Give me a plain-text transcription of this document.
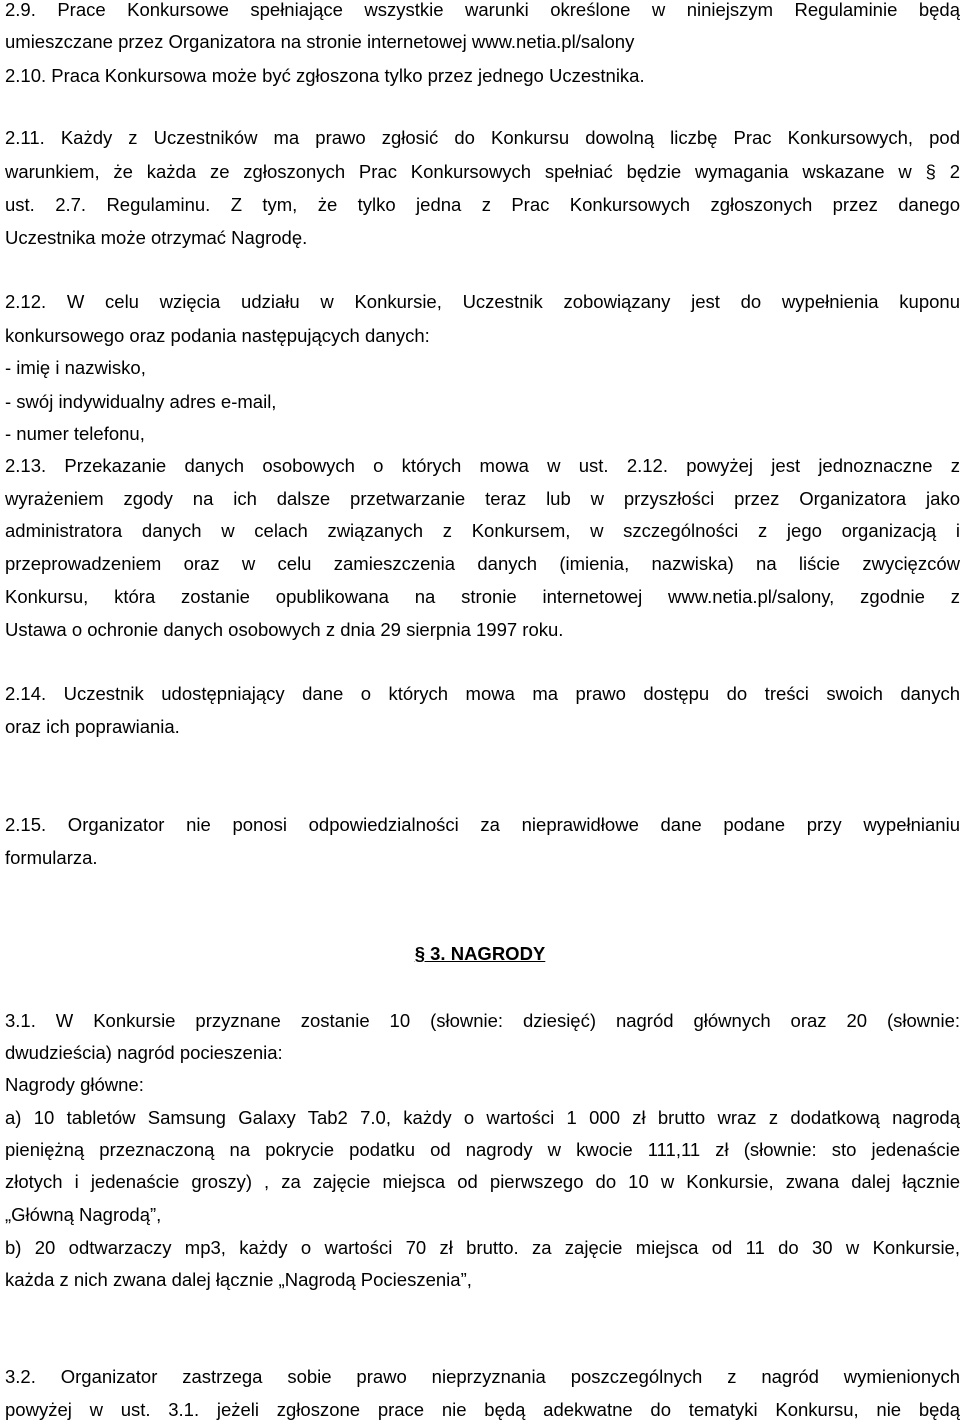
2.9. Prace Konkursowe spełniające wszystkie warunki określone w niniejszym Regulaminie będą
umieszczane przez Organizatora na stronie internetowej www.netia.pl/salony
2.10. Praca Konkursowa może być zgłoszona tylko przez jednego Uczestnika.
2.11. Każdy z Uczestników ma prawo zgłosić do Konkursu dowolną liczbę Prac Konkursowych, pod
warunkiem, że każda ze zgłoszonych Prac Konkursowych spełniać będzie wymagania wskazane w § 2
ust. 2.7. Regulaminu. Z tym, że tylko jedna z Prac Konkursowych zgłoszonych przez danego
Uczestnika może otrzymać Nagrodę.
2.12. W celu wzięcia udziału w Konkursie, Uczestnik zobowiązany jest do wypełnienia kuponu
konkursowego oraz podania następujących danych:
- imię i nazwisko,
- swój indywidualny adres e-mail,
- numer telefonu,
2.13. Przekazanie danych osobowych o których mowa w ust. 2.12. powyżej jest jednoznaczne z
wyrażeniem zgody na ich dalsze przetwarzanie teraz lub w przyszłości przez Organizatora jako
administratora danych w celach związanych z Konkursem, w szczególności z jego organizacją i
przeprowadzeniem oraz w celu zamieszczenia danych (imienia, nazwiska) na liście zwycięzców
Konkursu, która zostanie opublikowana na stronie internetowej www.netia.pl/salony, zgodnie z
Ustawa o ochronie danych osobowych z dnia 29 sierpnia 1997 roku.
2.14. Uczestnik udostępniający dane o których mowa ma prawo dostępu do treści swoich danych
oraz ich poprawiania.
2.15. Organizator nie ponosi odpowiedzialności za nieprawidłowe dane podane przy wypełnianiu
formularza.
§ 3. NAGRODY
3.1. W Konkursie przyznane zostanie 10 (słownie: dziesięć) nagród głównych oraz 20 (słownie:
dwudzieścia) nagród pocieszenia:
Nagrody główne:
a) 10 tabletów Samsung Galaxy Tab2 7.0, każdy o wartości 1 000 zł brutto wraz z dodatkową nagrodą
pieniężną przeznaczoną na pokrycie podatku od nagrody w kwocie 111,11 zł (słownie: sto jedenaście
złotych i jedenaście groszy) , za zajęcie miejsca od pierwszego do 10 w Konkursie, zwana dalej łącznie
„Główną Nagrodą”,
b) 20 odtwarzaczy mp3, każdy o wartości 70 zł brutto. za zajęcie miejsca od 11 do 30 w Konkursie,
każda z nich zwana dalej łącznie „Nagrodą Pocieszenia”,
3.2. Organizator zastrzega sobie prawo nieprzyznania poszczególnych z nagród wymienionych
powyżej w ust. 3.1. jeżeli zgłoszone prace nie będą adekwatne do tematyki Konkursu, nie będą
